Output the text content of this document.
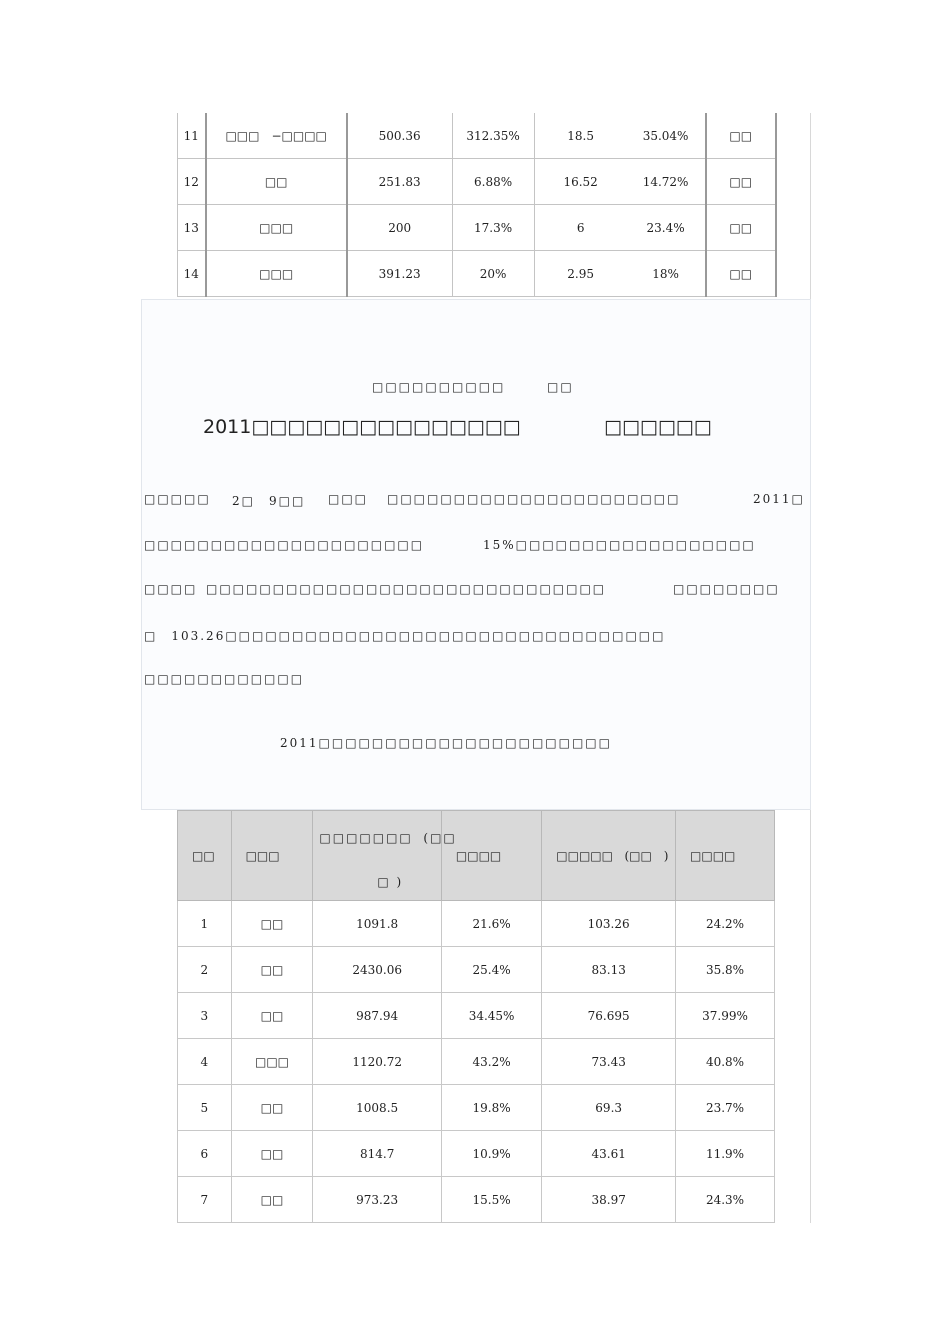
11	□□□　−□□□□	500.36	312.35%	18.5	35.04%	□□
12	□□	251.83	6.88%	16.52	14.72%	□□
13	□□□	200	17.3%	6	23.4%	□□
14	□□□	391.23	20%	2.95	18%	□□
□□□□□□□□□□	□□
2011□□□□□□□□□□□□□□□	□□□□□□
□□□□□ 2□　9□□ □□□ □□□□□□□□□□□□□□□□□□□□□□	2011□
□□□□□□□□□□□□□□□□□□□□□	15%□□□□□□□□□□□□□□□□□□
□□□□ □□□□□□□□□□□□□□□□□□□□□□□□□□□□□□	□□□□□□□□
□　103.26□□□□□□□□□□□□□□□□□□□□□□□□□□□□□□□□□
□□□□□□□□□□□□
2011□□□□□□□□□□□□□□□□□□□□□□
□□	□□□	□□□□□□□ (□□
□ )	□□□□	□□□□□ (□□　)	□□□□
1	□□	1091.8	21.6%	103.26	24.2%
2	□□	2430.06	25.4%	83.13	35.8%
3	□□	987.94	34.45%	76.695	37.99%
4	□□□	1120.72	43.2%	73.43	40.8%
5	□□	1008.5	19.8%	69.3	23.7%
6	□□	814.7	10.9%	43.61	11.9%
7	□□	973.23	15.5%	38.97	24.3%
